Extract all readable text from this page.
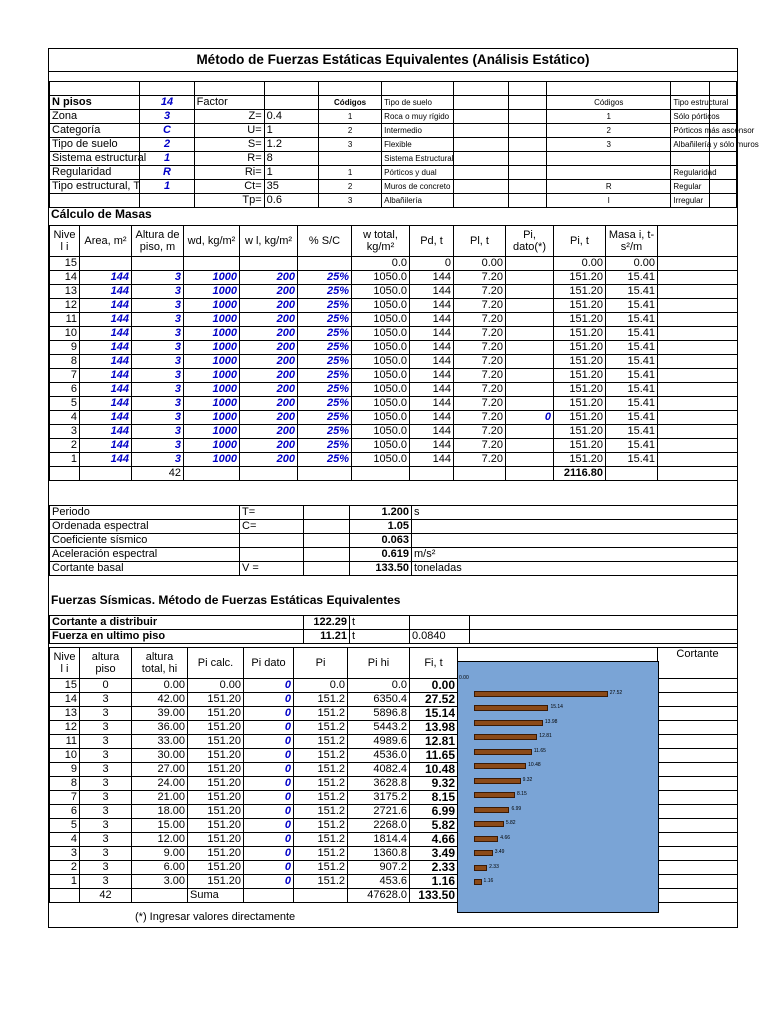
Método de Fuerzas Estáticas Equivalentes (Análisis Estático)

N pisos	14	Factor		Códigos	Tipo de suelo			Códigos	Tipo estructural	
Zona	3	Z=	0.4	1	Roca o muy rígido			1	Sólo pórticos	
Categoría	C	U=	1	2	Intermedio			2	Pórticos más ascensor	
Tipo de suelo	2	S=	1.2	3	Flexible			3	Albañilería y sólo muros	
Sistema estructural	1	R=	8		Sistema Estructural					
Regularidad	R	Ri=	1	1	Pórticos y dual				Regularidad	
Tipo estructural, T	1	Ct=	35	2	Muros de concreto			R	Regular	
		Tp=	0.6	3	Albañilería			I	Irregular	
Cálculo de Masas
Nive l i	Area, m²	Altura de piso, m	wd, kg/m²	w l, kg/m²	% S/C	w total, kg/m²	Pd, t	Pl, t	Pi, dato(*)	Pi, t	Masa i, t-s²/m	
15						0.0	0	0.00		0.00	0.00	
14	144	3	1000	200	25%	1050.0	144	7.20		151.20	15.41	
13	144	3	1000	200	25%	1050.0	144	7.20		151.20	15.41	
12	144	3	1000	200	25%	1050.0	144	7.20		151.20	15.41	
11	144	3	1000	200	25%	1050.0	144	7.20		151.20	15.41	
10	144	3	1000	200	25%	1050.0	144	7.20		151.20	15.41	
9	144	3	1000	200	25%	1050.0	144	7.20		151.20	15.41	
8	144	3	1000	200	25%	1050.0	144	7.20		151.20	15.41	
7	144	3	1000	200	25%	1050.0	144	7.20		151.20	15.41	
6	144	3	1000	200	25%	1050.0	144	7.20		151.20	15.41	
5	144	3	1000	200	25%	1050.0	144	7.20		151.20	15.41	
4	144	3	1000	200	25%	1050.0	144	7.20	0	151.20	15.41	
3	144	3	1000	200	25%	1050.0	144	7.20		151.20	15.41	
2	144	3	1000	200	25%	1050.0	144	7.20		151.20	15.41	
1	144	3	1000	200	25%	1050.0	144	7.20		151.20	15.41	
		42								2116.80		
Periodo	T=		1.200	s
Ordenada espectral	C=		1.05	
Coeficiente sísmico			0.063	
Aceleración espectral			0.619	m/s²
Cortante basal	V =		133.50	toneladas
Fuerzas Sísmicas. Método de Fuerzas Estáticas Equivalentes
Cortante a distribuir	122.29	t		
Fuerza en ultimo piso	11.21	t	0.0840	
Nive l i	altura piso	altura total, hi	Pi calc.	Pi dato	Pi	Pi hi	Fi, t		Cortante
15	0	0.00	0.00	0	0.0	0.0	0.00		
14	3	42.00	151.20	0	151.2	6350.4	27.52		
13	3	39.00	151.20	0	151.2	5896.8	15.14		
12	3	36.00	151.20	0	151.2	5443.2	13.98		
11	3	33.00	151.20	0	151.2	4989.6	12.81		
10	3	30.00	151.20	0	151.2	4536.0	11.65		
9	3	27.00	151.20	0	151.2	4082.4	10.48		
8	3	24.00	151.20	0	151.2	3628.8	9.32		
7	3	21.00	151.20	0	151.2	3175.2	8.15		
6	3	18.00	151.20	0	151.2	2721.6	6.99		
5	3	15.00	151.20	0	151.2	2268.0	5.82		
4	3	12.00	151.20	0	151.2	1814.4	4.66		
3	3	9.00	151.20	0	151.2	1360.8	3.49		
2	3	6.00	151.20	0	151.2	907.2	2.33		
1	3	3.00	151.20	0	151.2	453.6	1.16		
	42		Suma			47628.0	133.50		
0.00
27.52
15.14
13.98
12.81
11.65
10.48
9.32
8.15
6.99
5.82
4.66
3.49
2.33
1.16
(*) Ingresar valores directamente
